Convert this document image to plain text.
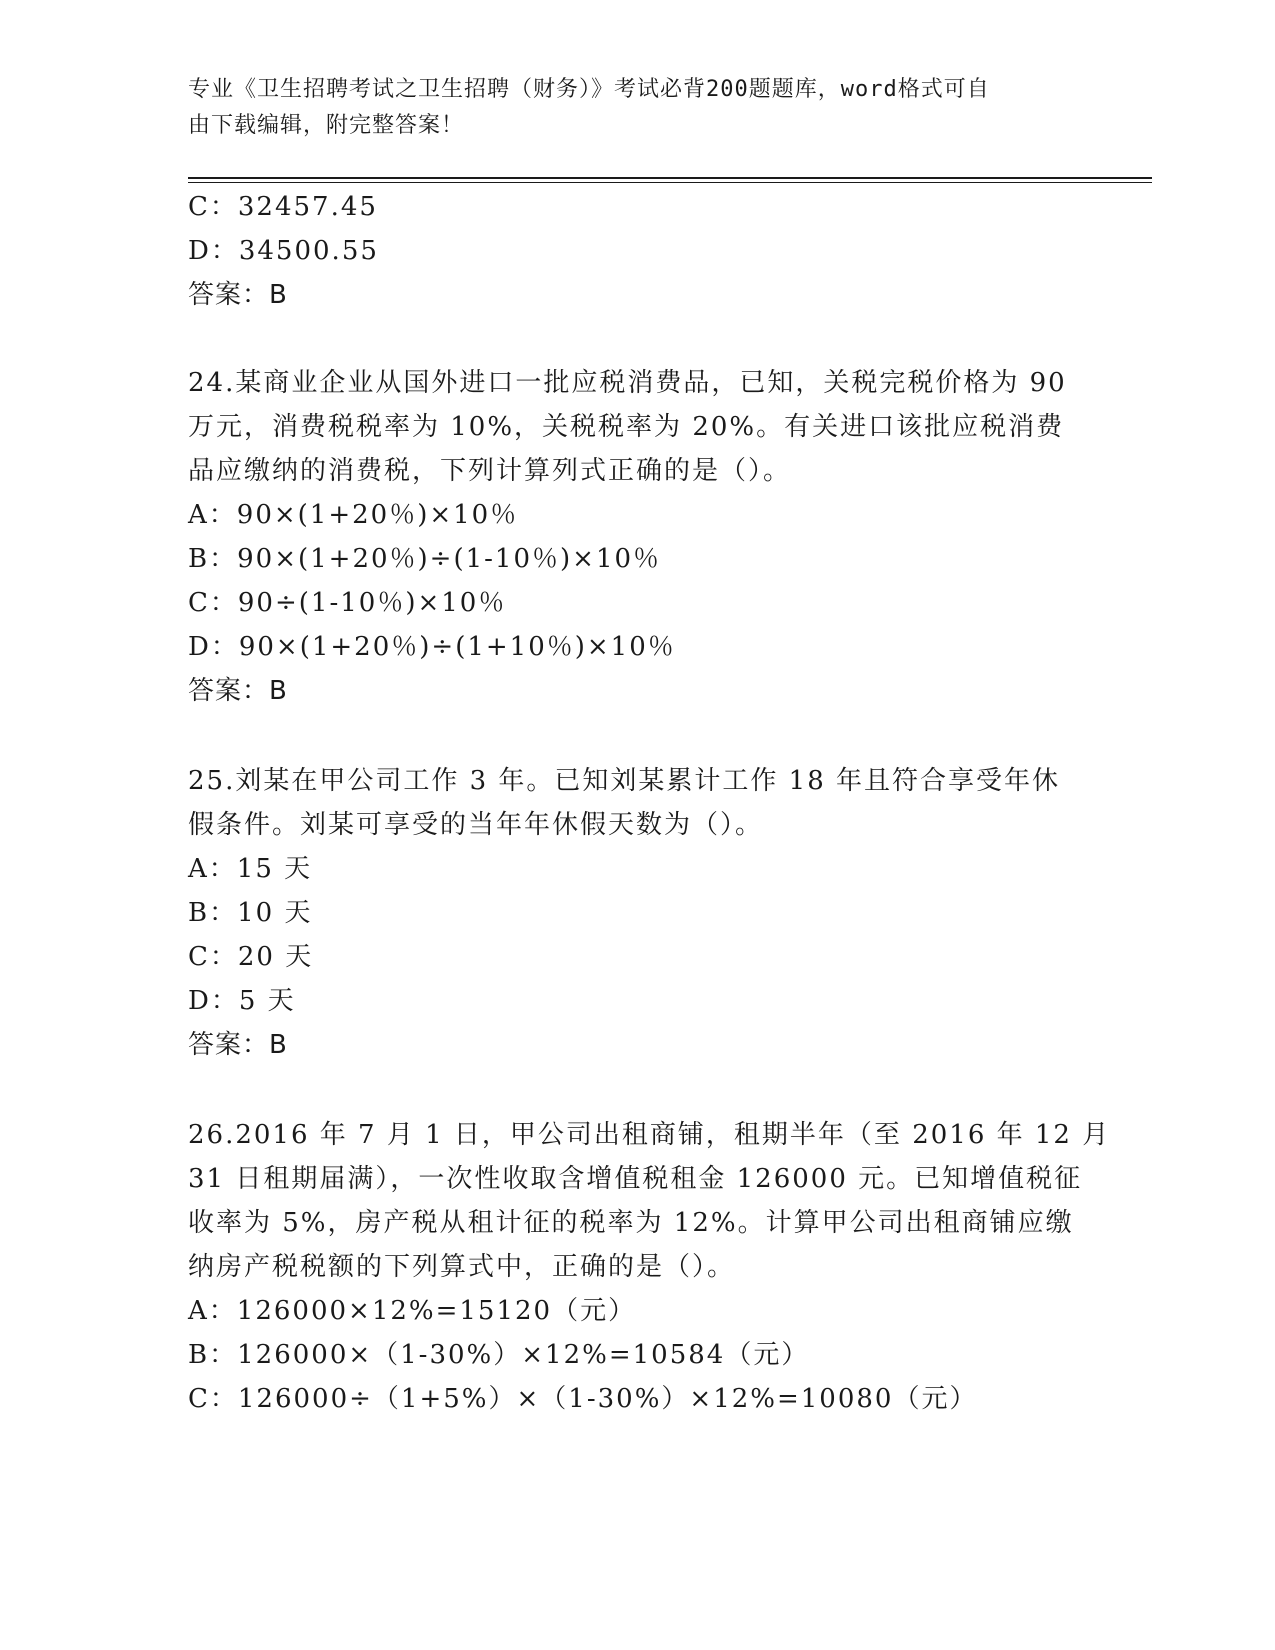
专业《卫生招聘考试之卫生招聘（财务）》考试必背200题题库，word格式可自
由下载编辑，附完整答案！
C：32457.45
D：34500.55
答案：B
24.某商业企业从国外进口一批应税消费品，已知，关税完税价格为 90
万元，消费税税率为 10%，关税税率为 20%。有关进口该批应税消费
品应缴纳的消费税，下列计算列式正确的是（）。
A：90×(1+20％)×10％
B：90×(1+20％)÷(1-10％)×10％
C：90÷(1-10％)×10％
D：90×(1+20％)÷(1+10％)×10％
答案：B
25.刘某在甲公司工作 3 年。已知刘某累计工作 18 年且符合享受年休
假条件。刘某可享受的当年年休假天数为（）。
A：15 天
B：10 天
C：20 天
D：5 天
答案：B
26.2016 年 7 月 1 日，甲公司出租商铺，租期半年（至 2016 年 12 月
31 日租期届满），一次性收取含增值税租金 126000 元。已知增值税征
收率为 5%，房产税从租计征的税率为 12%。计算甲公司出租商铺应缴
纳房产税税额的下列算式中，正确的是（）。
A：126000×12%=15120（元）
B：126000×（1-30%）×12%=10584（元）
C：126000÷（1+5%）×（1-30%）×12%=10080（元）
